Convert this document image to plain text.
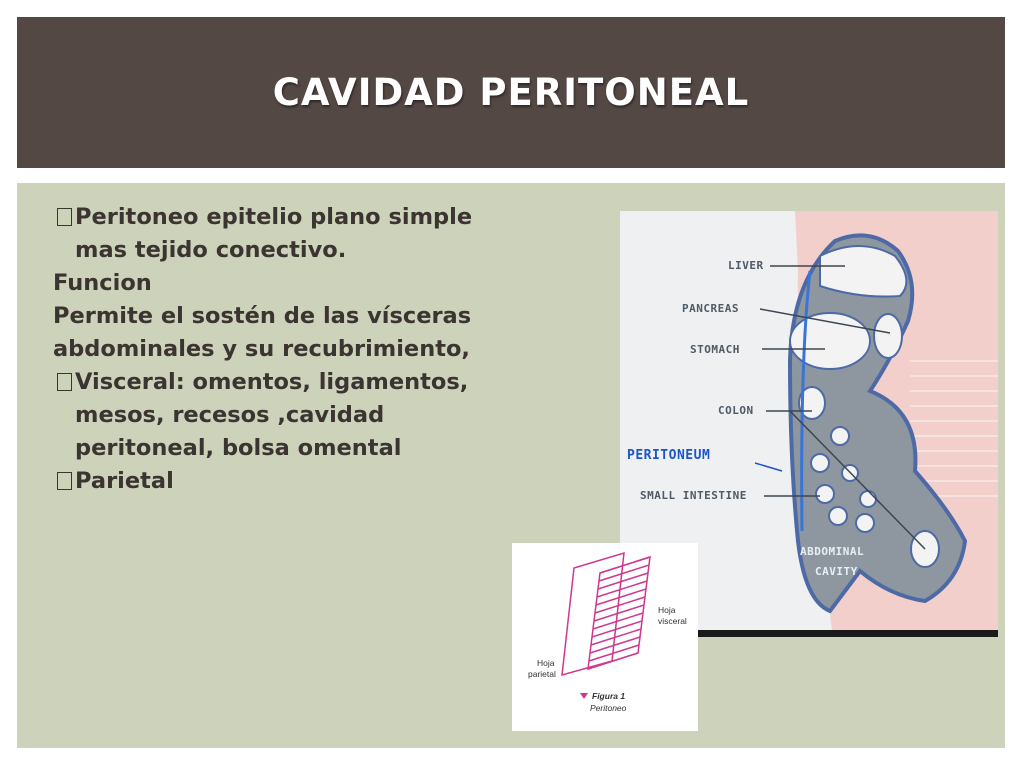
CAVIDAD PERITONEAL
Peritoneo epitelio plano simple mas tejido conectivo.

Funcion

Permite el sostén de las vísceras abdominales y su recubrimiento,

Visceral: omentos, ligamentos, mesos, recesos ,cavidad peritoneal, bolsa omental
Parietal
LIVER
PANCREAS
STOMACH
COLON
PERITONEUM
SMALL INTESTINE
ABDOMINAL
CAVITY
Hoja
visceral
Hoja
parietal
Figura 1
Peritoneo
